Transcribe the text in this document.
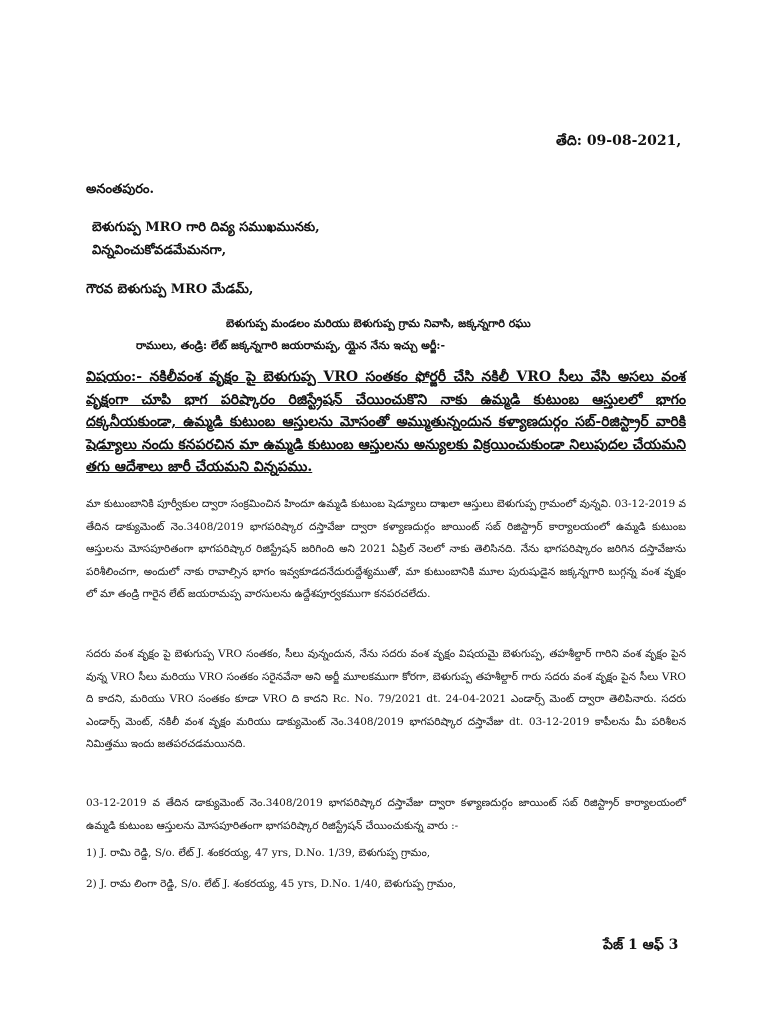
తేది: 09-08-2021,
అనంతపురం.
బెళుగుప్ప MRO గారి దివ్య సముఖమునకు,
విన్నవించుకోవడమేమనగా,
గౌరవ బెళుగుప్ప MRO మేడమ్,
బెళుగుప్ప మండలం మరియు బెళుగుప్ప గ్రామ నివాసి, జక్కన్నగారి రఘు
రాములు, తండ్రి: లేట్ జక్కన్నగారి జయరామప్ప, య్లైన నేను ఇచ్చు అర్జీ:-
విషయం:- నకిలీవంశ వృక్షం పై బెళుగుప్ప VRO సంతకం ఫోర్జరీ చేసి నకిలీ VRO సీలు వేసి అసలు వంశ వృక్షంగా చూపి భాగ పరిష్కారం రిజిస్ట్రేషన్ చేయించుకొని నాకు ఉమ్మడి కుటుంబ ఆస్తులలో భాగం దక్కనీయకుండా, ఉమ్మడి కుటుంబ ఆస్తులను మోసంతో అమ్ముతున్నందున కళ్యాణదుర్గం సబ్-రిజిస్ట్రార్ వారికి షెడ్యూలు నందు కనపరచిన మా ఉమ్మడి కుటుంబ ఆస్తులను అన్యులకు విక్రయించుకుండా నిలుపుదల చేయమని తగు ఆదేశాలు జారీ చేయమని విన్నపము.
మా కుటుంబానికి పూర్వీకుల ద్వారా సంక్రమించిన హిందూ ఉమ్మడి కుటుంబ షెడ్యూలు దాఖలా ఆస్తులు బెళుగుప్ప గ్రామంలో వున్నవి. 03-12-2019 వ తేదిన డాక్యుమెంట్ నెం.3408/2019 భాగపరిష్కార దస్తావేజు ద్వారా కళ్యాణదుర్గం జాయింట్ సబ్ రిజిస్ట్రార్ కార్యాలయంలో ఉమ్మడి కుటుంబ ఆస్తులను మోసపూరితంగా భాగపరిష్కార రిజిస్ట్రేషన్ జరిగింది అని 2021 ఏప్రిల్ నెలలో నాకు తెలిసినది. నేను భాగపరిష్కారం జరిగిన దస్తావేజును పరిశీలించగా, అందులో నాకు రావాల్సిన భాగం ఇవ్వకూడదనేదురుద్దేశ్యముతో, మా కుటుంబానికి మూల పురుషుడైన జక్కన్నగారి బుగ్గన్న వంశ వృక్షం లో మా తండ్రి గారైన లేట్ జయరామప్ప వారసులను ఉద్దేశపూర్వకముగా కనపరచలేదు.
సదరు వంశ వృక్షం పై బెళుగుప్ప VRO సంతకం, సీలు వున్నందున, నేను సదరు వంశ వృక్షం విషయమై బెళుగుప్ప, తహశీల్దార్ గారిని వంశ వృక్షం పైన వున్న VRO సీలు మరియు VRO సంతకం సరైనవేనా అని అర్జీ మూలకముగా కోరగా, బెళుగుప్ప తహశీల్దార్ గారు సదరు వంశ వృక్షం పైన సీలు VRO ది కాదని, మరియు VRO సంతకం కూడా VRO ది కాదని Rc. No. 79/2021 dt. 24-04-2021 ఎండార్స్ మెంట్ ద్వారా తెలిపినారు. సదరు ఎండార్స్ మెంట్, నకిలీ వంశ వృక్షం మరియు డాక్యుమెంట్ నెం.3408/2019 భాగపరిష్కార దస్తావేజు dt. 03-12-2019 కాపీలను మీ పరిశీలన నిమిత్తము ఇందు జతపరచడమయినది.
03-12-2019 వ తేదిన డాక్యుమెంట్ నెం.3408/2019 భాగపరిష్కార దస్తావేజు ద్వారా కళ్యాణదుర్గం జాయింట్ సబ్ రిజిస్ట్రార్ కార్యాలయంలో ఉమ్మడి కుటుంబ ఆస్తులను మోసపూరితంగా భాగపరిష్కార రిజిస్ట్రేషన్ చేయించుకున్న వారు :-
1) J. రామి రెడ్డి, S/o. లేట్ J. శంకరయ్య, 47 yrs, D.No. 1/39, బెళుగుప్ప గ్రామం,
2) J. రామ లింగా రెడ్డి, S/o. లేట్ J. శంకరయ్య, 45 yrs, D.No. 1/40, బెళుగుప్ప గ్రామం,
పేజ్ 1 ఆఫ్ 3
